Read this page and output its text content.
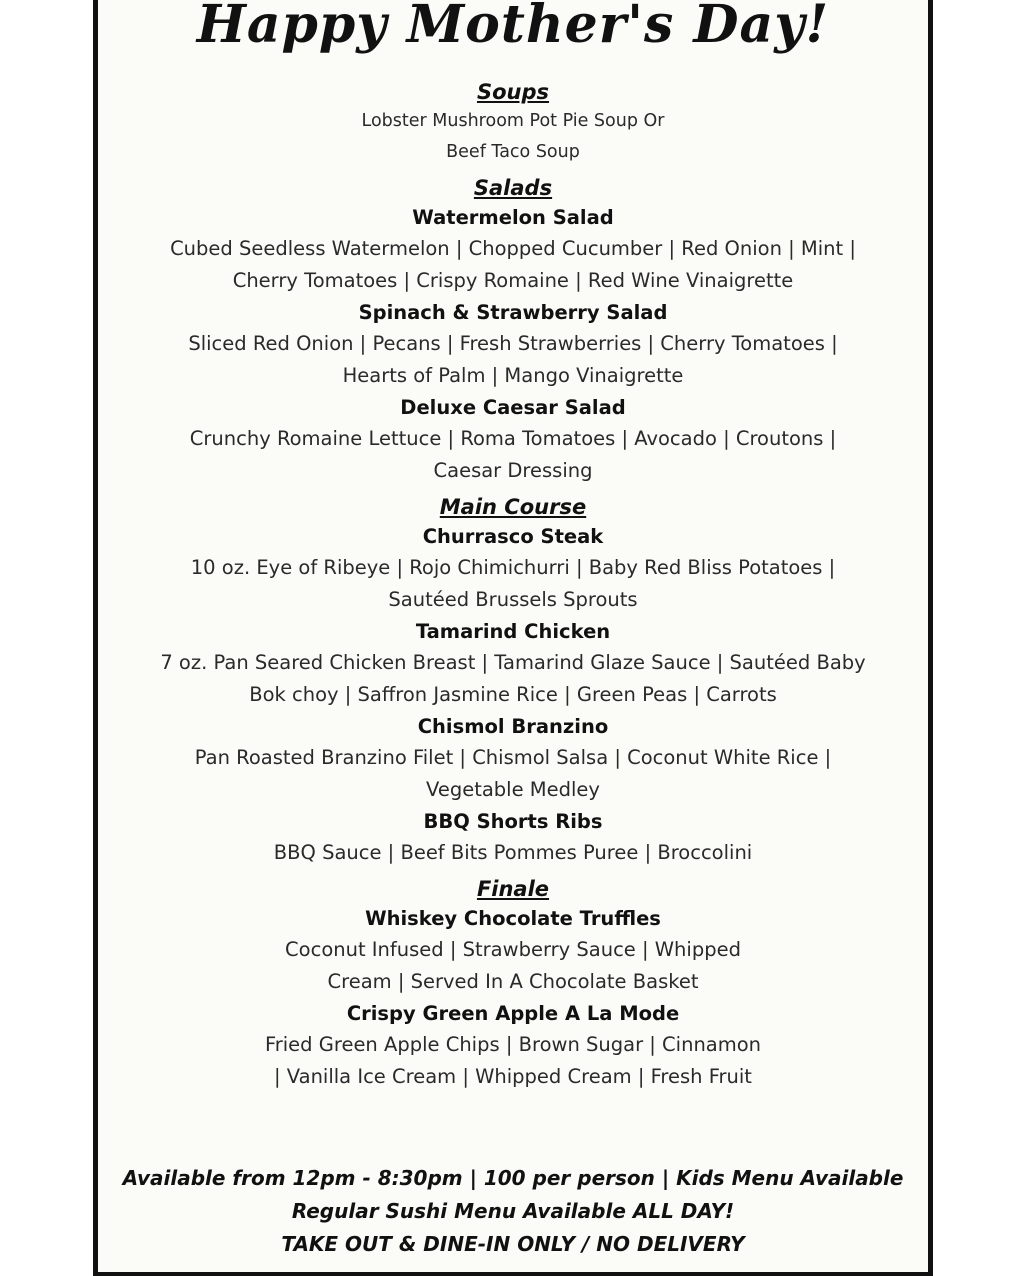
Happy Mother's Day!
Soups
Lobster Mushroom Pot Pie Soup Or
Beef Taco Soup
Salads
Watermelon Salad
Cubed Seedless Watermelon | Chopped Cucumber | Red Onion | Mint |
Cherry Tomatoes | Crispy Romaine | Red Wine Vinaigrette
Spinach & Strawberry Salad
Sliced Red Onion | Pecans | Fresh Strawberries | Cherry Tomatoes |
Hearts of Palm | Mango Vinaigrette
Deluxe Caesar Salad
Crunchy Romaine Lettuce | Roma Tomatoes | Avocado | Croutons |
Caesar Dressing
Main Course
Churrasco Steak
10 oz. Eye of Ribeye | Rojo Chimichurri | Baby Red Bliss Potatoes |
Sautéed Brussels Sprouts
Tamarind Chicken
7 oz. Pan Seared Chicken Breast | Tamarind Glaze Sauce | Sautéed Baby
Bok choy | Saffron Jasmine Rice | Green Peas | Carrots
Chismol Branzino
Pan Roasted Branzino Filet | Chismol Salsa | Coconut White Rice |
Vegetable Medley
BBQ Shorts Ribs
BBQ Sauce | Beef Bits Pommes Puree | Broccolini
Finale
Whiskey Chocolate Truffles
Coconut Infused | Strawberry Sauce | Whipped
Cream | Served In A Chocolate Basket
Crispy Green Apple A La Mode
Fried Green Apple Chips | Brown Sugar | Cinnamon
| Vanilla Ice Cream | Whipped Cream | Fresh Fruit
Available from 12pm - 8:30pm | 100 per person | Kids Menu Available
Regular Sushi Menu Available ALL DAY!
TAKE OUT & DINE-IN ONLY / NO DELIVERY
